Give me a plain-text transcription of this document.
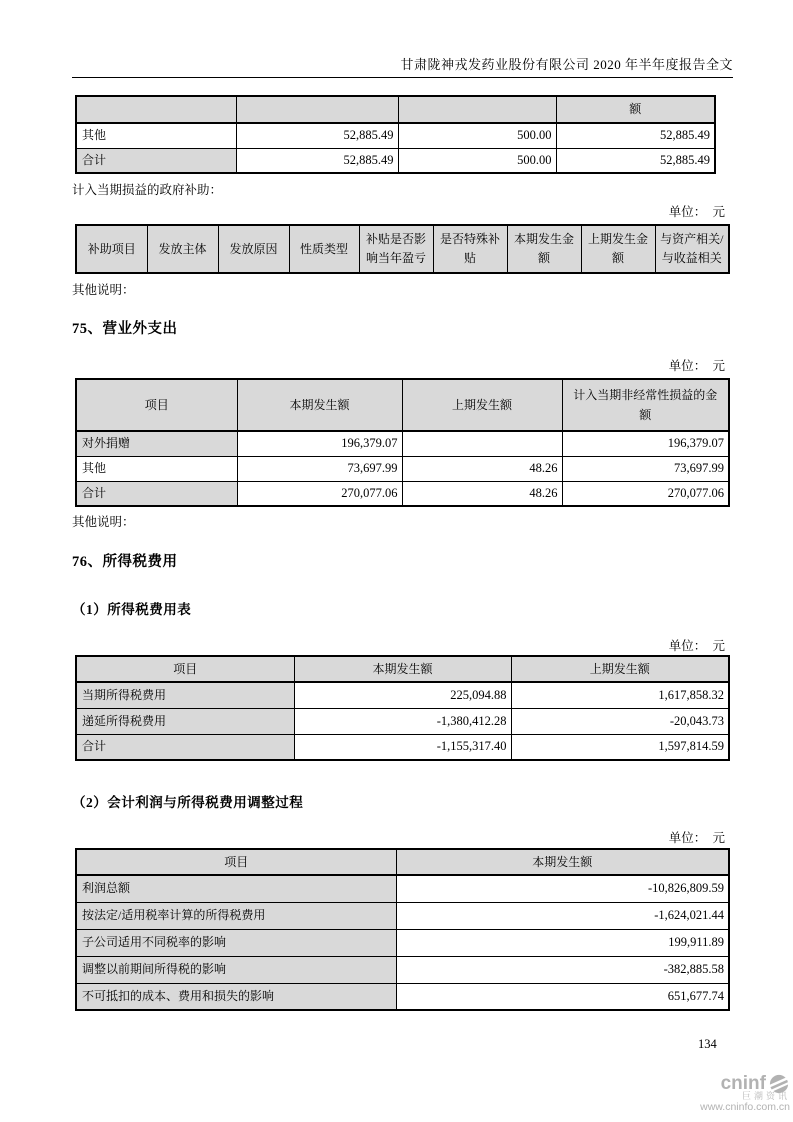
甘肃陇神戎发药业股份有限公司 2020 年半年度报告全文
			额
其他	52,885.49	500.00	52,885.49
合计	52,885.49	500.00	52,885.49
计入当期损益的政府补助：
单位：  元
补助项目	发放主体	发放原因	性质类型	补贴是否影响当年盈亏	是否特殊补贴	本期发生金额	上期发生金额	与资产相关/与收益相关
其他说明：
75、营业外支出
单位：  元
项目	本期发生额	上期发生额	计入当期非经常性损益的金额
对外捐赠	196,379.07		196,379.07
其他	73,697.99	48.26	73,697.99
合计	270,077.06	48.26	270,077.06
其他说明：
76、所得税费用
（1）所得税费用表
单位：  元
项目	本期发生额	上期发生额
当期所得税费用	225,094.88	1,617,858.32
递延所得税费用	-1,380,412.28	-20,043.73
合计	-1,155,317.40	1,597,814.59
（2）会计利润与所得税费用调整过程
单位：  元
项目	本期发生额
利润总额	-10,826,809.59
按法定/适用税率计算的所得税费用	-1,624,021.44
子公司适用不同税率的影响	199,911.89
调整以前期间所得税的影响	-382,885.58
不可抵扣的成本、费用和损失的影响	651,677.74
134
cninf
巨潮资讯
www.cninfo.com.cn
